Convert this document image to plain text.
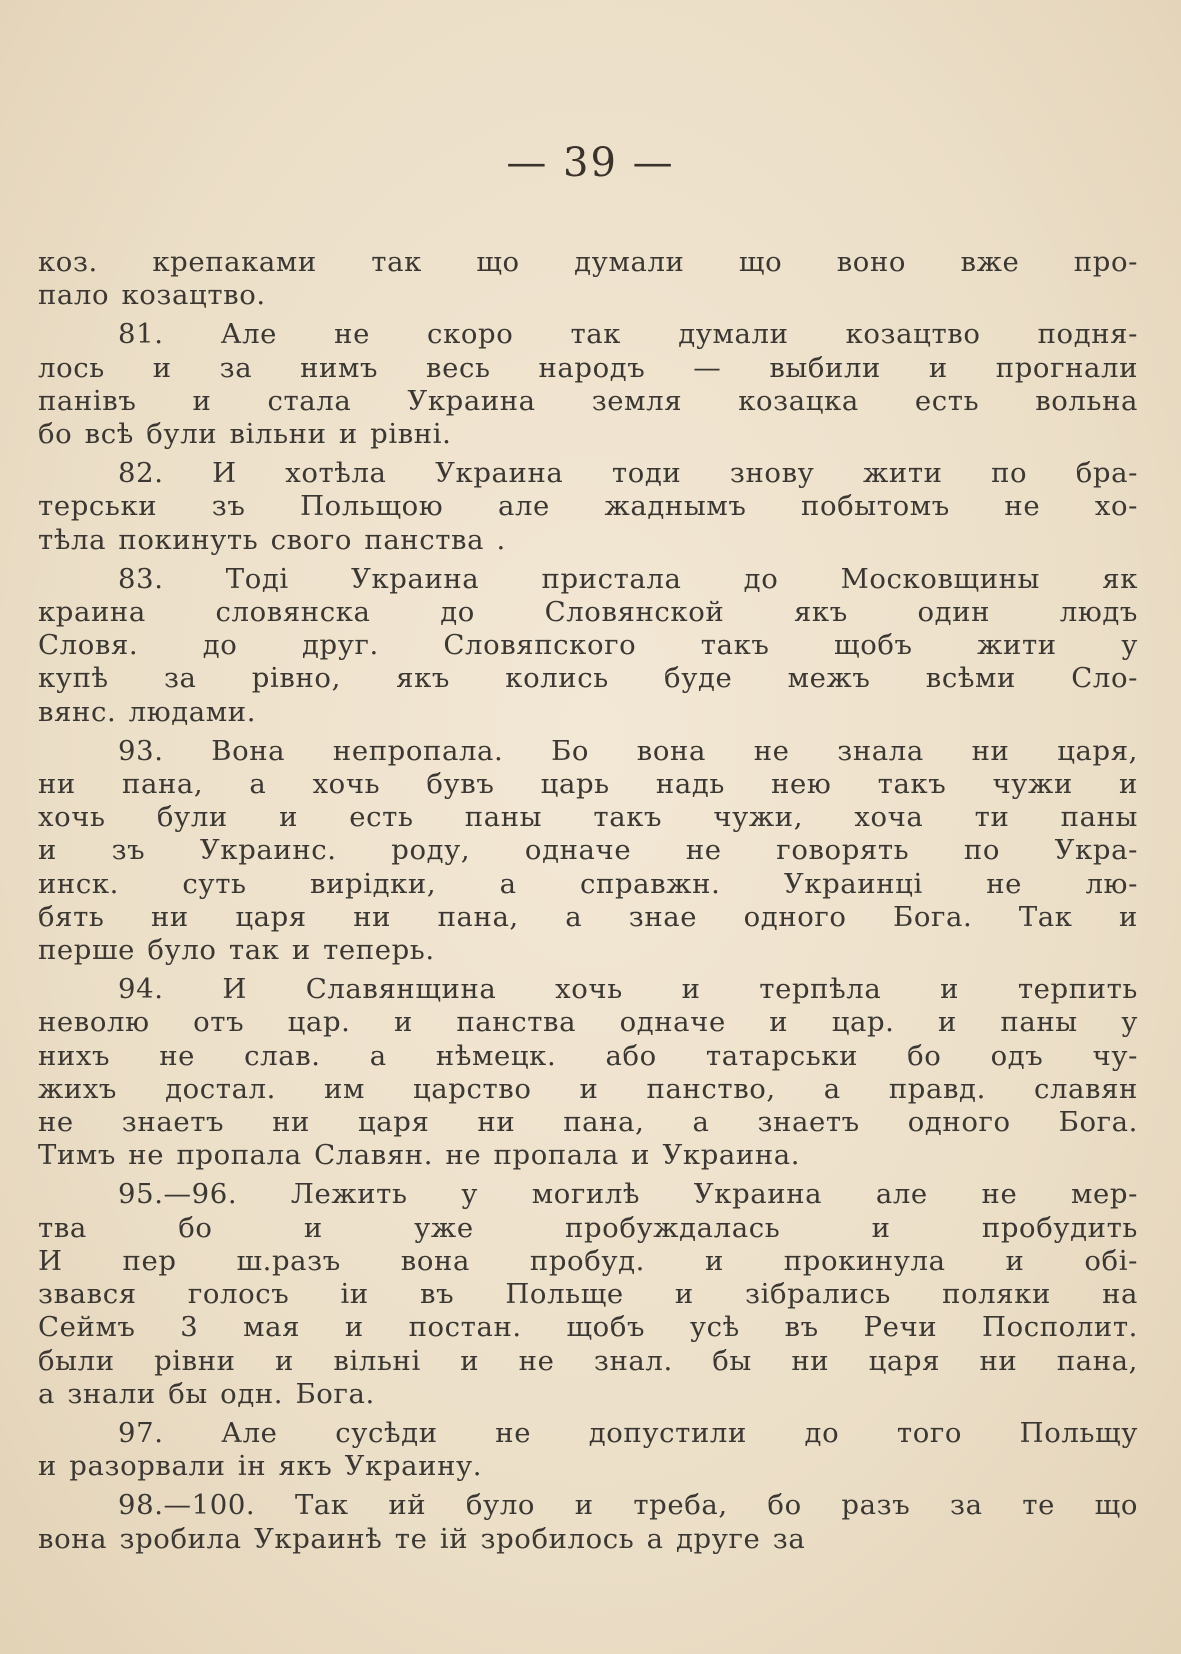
— 39 —
коз. крепаками так що думали що воно вже про-
пало козацтво.
81. Але не скоро так думали козацтво подня-
лось и за нимъ весь народъ — выбили и прогнали
панівъ и стала Украина земля козацка есть вольна
бо всѣ були вільни и рівні.
82. И хотѣла Украина тоди знову жити по бра-
терськи зъ Польщою але жаднымъ побытомъ не хо-
тѣла покинуть свого панства .
83. Тоді Украина пристала до Московщины як
краина словянска до Словянской якъ один людъ
Словя. до друг. Словяпского такъ щобъ жити у
купѣ за рівно, якъ колись буде межъ всѣми Сло-
вянс. людами.
93. Вона непропала. Бо вона не знала ни царя,
ни пана, а хочь бувъ царь надь нею такъ чужи и
хочь були и есть паны такъ чужи, хоча ти паны
и зъ Украинс. роду, одначе не говорять по Укра-
инск. суть вирідки, а справжн. Украинці не лю-
бять ни царя ни пана, а знае одного Бога. Так и
перше було так и теперь.
94. И Славянщина хочь и терпѣла и терпить
неволю отъ цар. и панства одначе и цар. и паны у
нихъ не слав. а нѣмецк. або татарськи бо одъ чу-
жихъ достал. им царство и панство, а правд. славян
не знаетъ ни царя ни пана, а знаетъ одного Бога.
Тимъ не пропала Славян. не пропала и Украина.
95.—96. Лежить у могилѣ Украина але не мер-
тва бо и уже пробуждалась и пробудить
И пер ш.разъ вона пробуд. и прокинула и обі-
звався голосъ іи въ Польще и зібрались поляки на
Сеймъ 3 мая и постан. щобъ усѣ въ Речи Посполит.
были рівни и вільні и не знал. бы ни царя ни пана,
а знали бы одн. Бога.
97. Але сусѣди не допустили до того Польщу
и разорвали ін якъ Украину.
98.—100. Так ий було и треба, бо разъ за те що
вона зробила Украинѣ те ій зробилось а друге за
